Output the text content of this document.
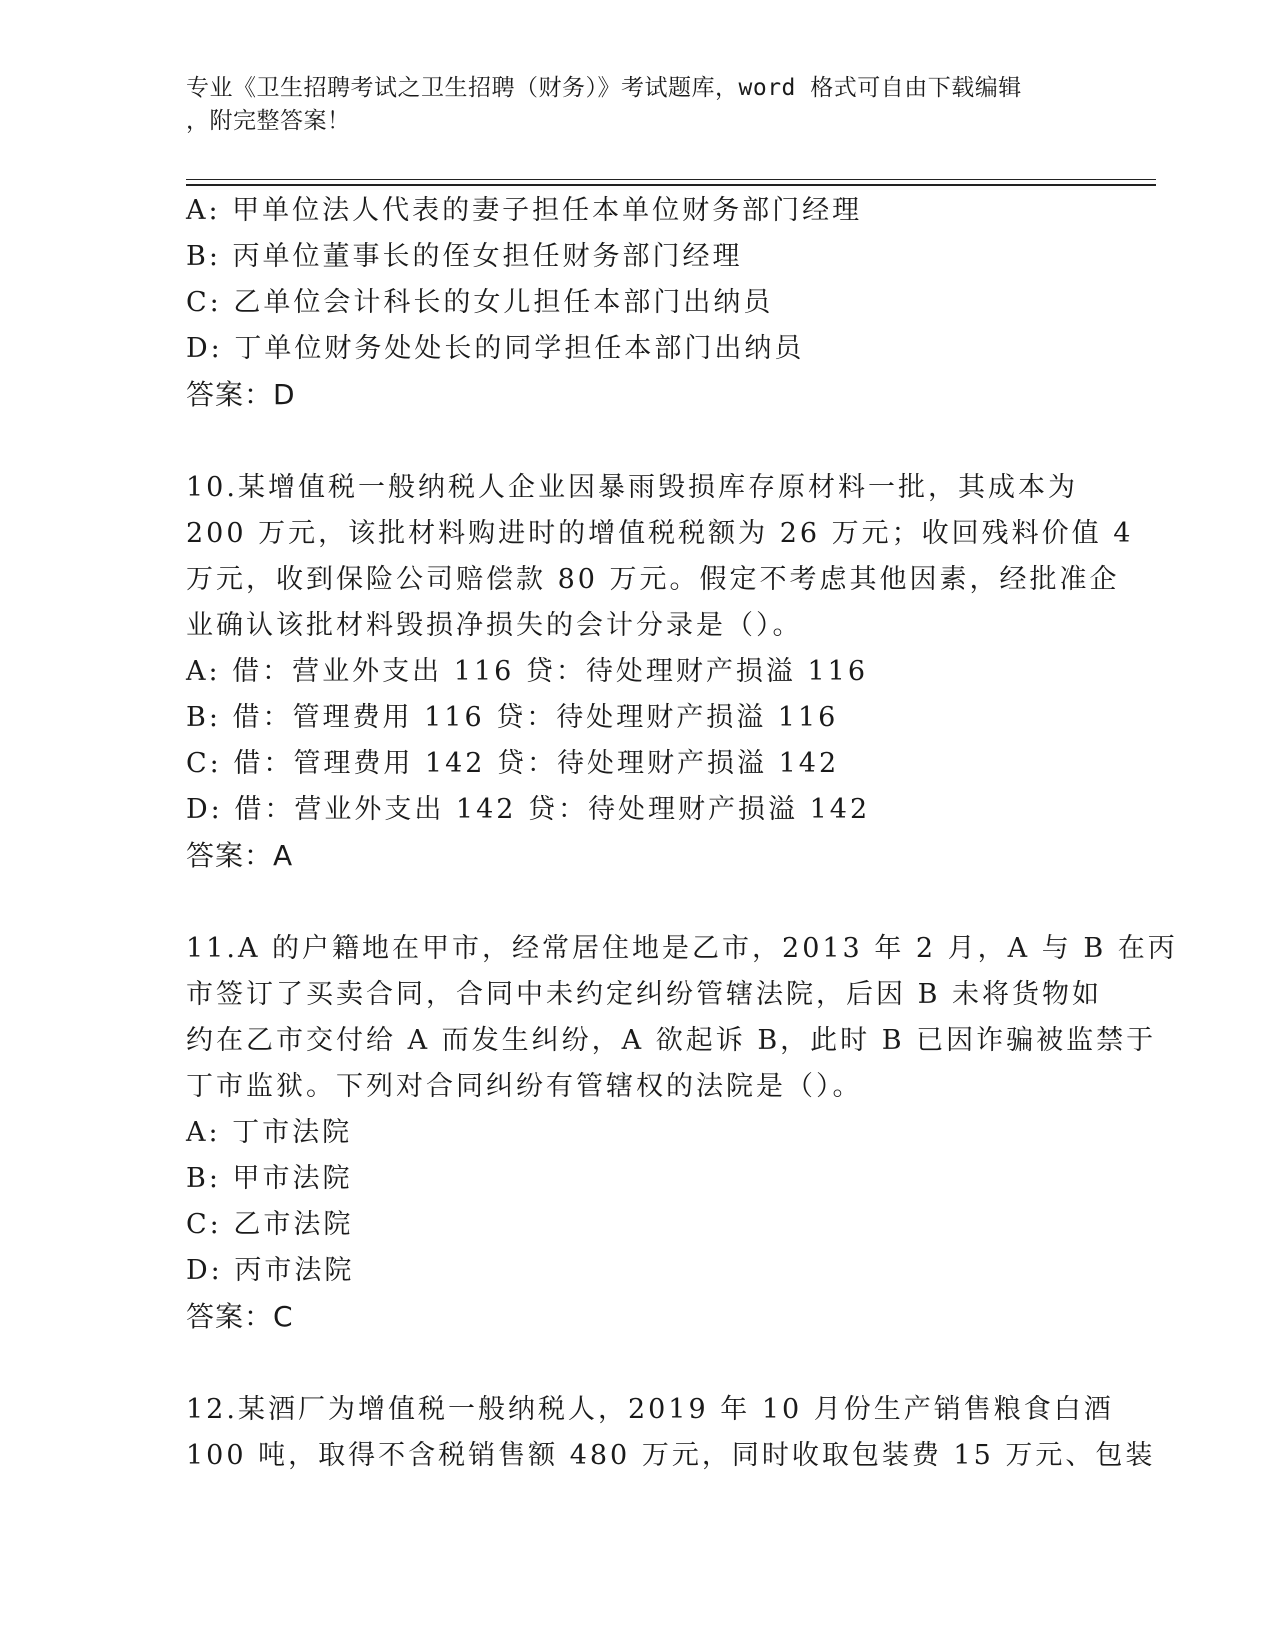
专业《卫生招聘考试之卫生招聘（财务）》考试题库，word 格式可自由下载编辑
，附完整答案！
A: 甲单位法人代表的妻子担任本单位财务部门经理
B: 丙单位董事长的侄女担任财务部门经理
C: 乙单位会计科长的女儿担任本部门出纳员
D: 丁单位财务处处长的同学担任本部门出纳员
答案：D
10.某增值税一般纳税人企业因暴雨毁损库存原材料一批，其成本为
200 万元，该批材料购进时的增值税税额为 26 万元；收回残料价值 4
万元，收到保险公司赔偿款 80 万元。假定不考虑其他因素，经批准企
业确认该批材料毁损净损失的会计分录是（）。
A: 借：营业外支出 116 贷：待处理财产损溢 116
B: 借：管理费用 116 贷：待处理财产损溢 116
C: 借：管理费用 142 贷：待处理财产损溢 142
D: 借：营业外支出 142 贷：待处理财产损溢 142
答案：A
11.A 的户籍地在甲市，经常居住地是乙市，2013 年 2 月，A 与 B 在丙
市签订了买卖合同，合同中未约定纠纷管辖法院，后因 B 未将货物如
约在乙市交付给 A 而发生纠纷，A 欲起诉 B，此时 B 已因诈骗被监禁于
丁市监狱。下列对合同纠纷有管辖权的法院是（）。
A: 丁市法院
B: 甲市法院
C: 乙市法院
D: 丙市法院
答案：C
12.某酒厂为增值税一般纳税人，2019 年 10 月份生产销售粮食白酒
100 吨，取得不含税销售额 480 万元，同时收取包装费 15 万元、包装
